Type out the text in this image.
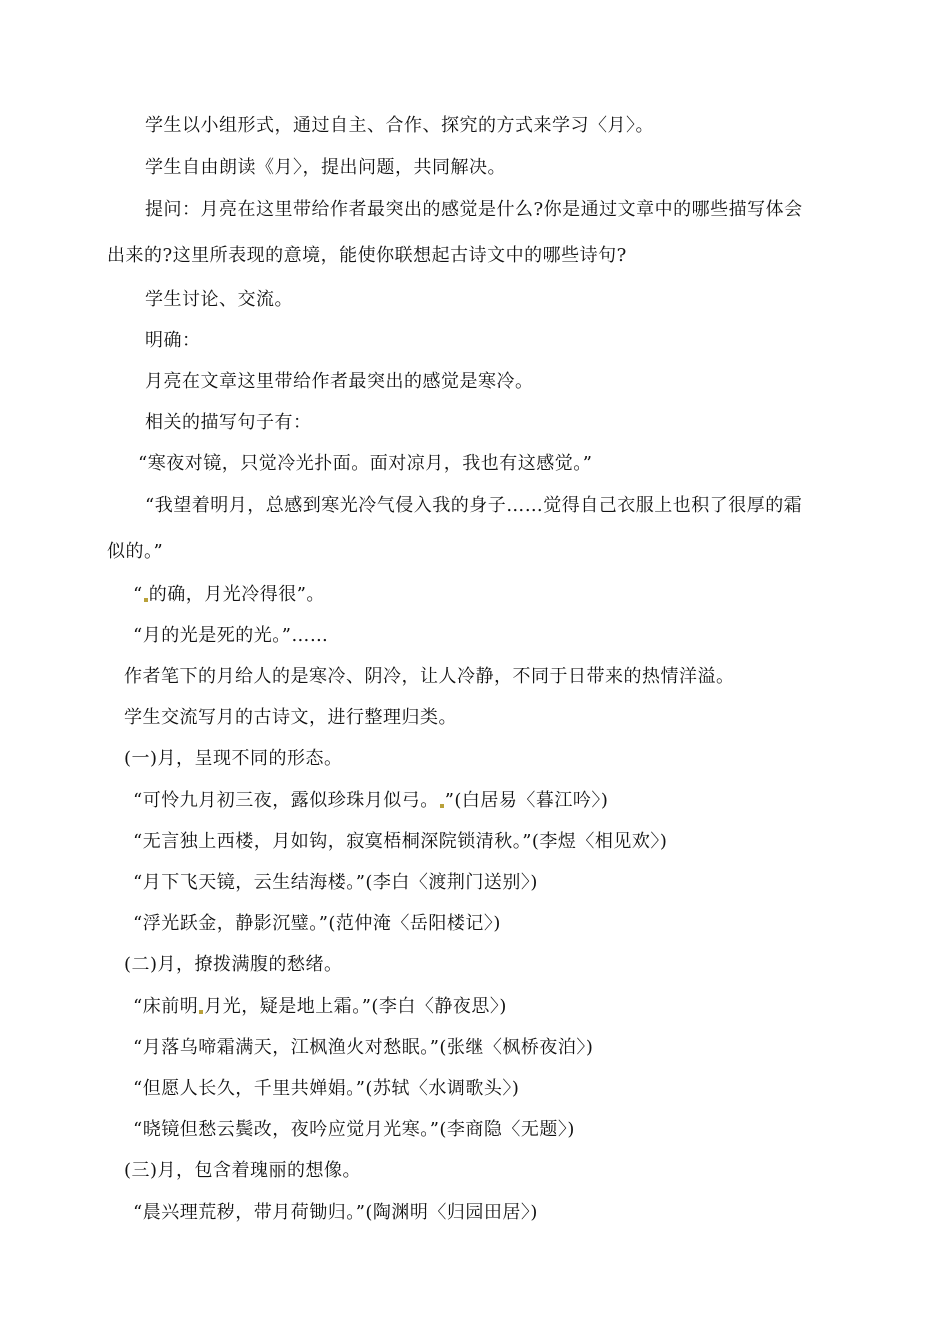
学生以小组形式，通过自主、合作、探究的方式来学习〈月〉。
学生自由朗读《月〉，提出问题，共同解决。
提问：月亮在这里带给作者最突出的感觉是什么?你是通过文章中的哪些描写体会
出来的?这里所表现的意境，能使你联想起古诗文中的哪些诗句?
学生讨论、交流。
明确：
月亮在文章这里带给作者最突出的感觉是寒冷。
相关的描写句子有：
“寒夜对镜，只觉冷光扑面。面对凉月，我也有这感觉。”
“我望着明月，总感到寒光冷气侵入我的身子……觉得自己衣服上也积了很厚的霜
似的。”
“ 的确，月光冷得很”。
“月的光是死的光。”……
作者笔下的月给人的是寒冷、阴冷，让人冷静，不同于日带来的热情洋溢。
学生交流写月的古诗文，进行整理归类。
(一)月，呈现不同的形态。
“可怜九月初三夜，露似珍珠月似弓。 ”(白居易〈暮江吟〉)
“无言独上西楼，月如钩，寂寞梧桐深院锁清秋。”(李煜〈相见欢〉)
“月下飞天镜，云生结海楼。”(李白〈渡荆门送别〉)
“浮光跃金，静影沉璧。”(范仲淹〈岳阳楼记〉)
(二)月，撩拨满腹的愁绪。
“床前明 月光，疑是地上霜。”(李白〈静夜思〉)
“月落乌啼霜满天，江枫渔火对愁眠。”(张继〈枫桥夜泊〉)
“但愿人长久，千里共婵娟。”(苏轼〈水调歌头〉)
“晓镜但愁云鬓改，夜吟应觉月光寒。”(李商隐〈无题〉)
(三)月，包含着瑰丽的想像。
“晨兴理荒秽，带月荷锄归。”(陶渊明〈归园田居〉)
